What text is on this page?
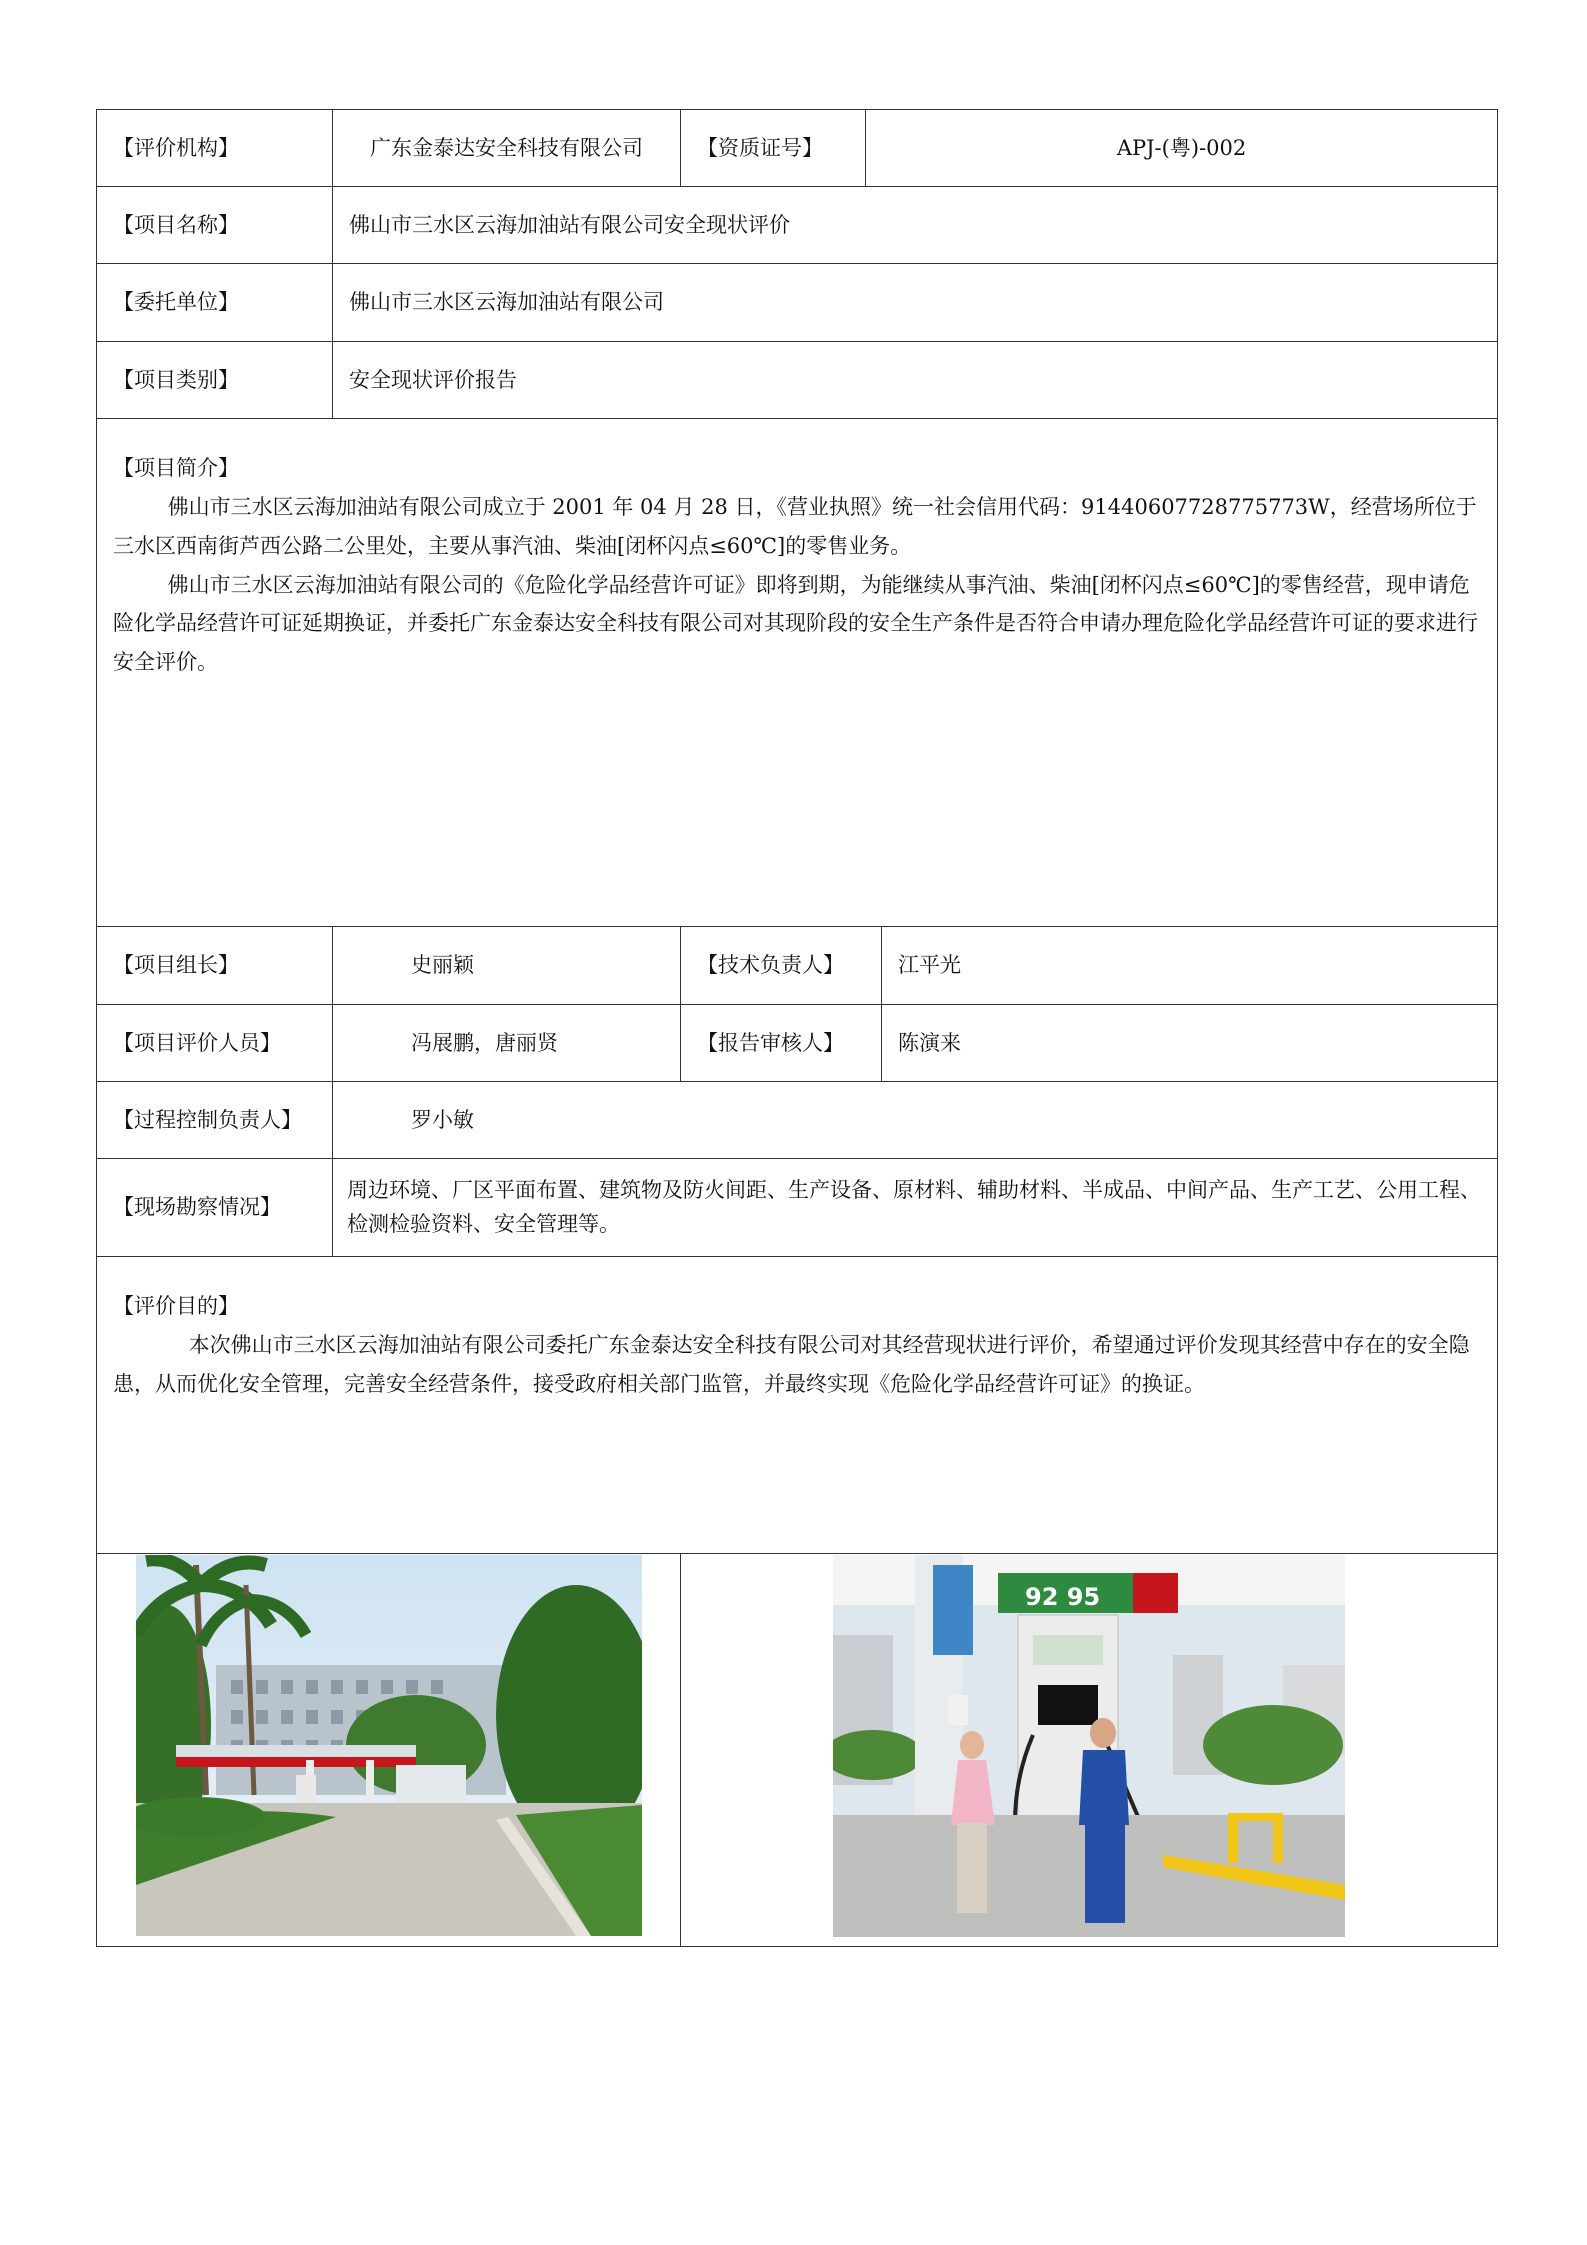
【评价机构】	广东金泰达安全科技有限公司	【资质证号】	APJ-(粤)-002	
【项目名称】	佛山市三水区云海加油站有限公司安全现状评价			
【委托单位】	佛山市三水区云海加油站有限公司			
【项目类别】	安全现状评价报告			

【项目简介】

佛山市三水区云海加油站有限公司成立于 2001 年 04 月 28 日，《营业执照》统一社会信用代码：91440607728775773W，经营场所位于三水区西南街芦西公路二公里处，主要从事汽油、柴油[闭杯闪点≤60℃]的零售业务。

佛山市三水区云海加油站有限公司的《危险化学品经营许可证》即将到期，为能继续从事汽油、柴油[闭杯闪点≤60℃]的零售经营，现申请危险化学品经营许可证延期换证，并委托广东金泰达安全科技有限公司对其现阶段的安全生产条件是否符合申请办理危险化学品经营许可证的要求进行安全评价。				

【项目组长】	史丽颖	【技术负责人】		江平光
【项目评价人员】	冯展鹏，唐丽贤	【报告审核人】		陈演来
【过程控制负责人】	罗小敏			
【现场勘察情况】	周边环境、厂区平面布置、建筑物及防火间距、生产设备、原材料、辅助材料、半成品、中间产品、生产工艺、公用工程、检测检验资料、安全管理等。			

【评价目的】

本次佛山市三水区云海加油站有限公司委托广东金泰达安全科技有限公司对其经营现状进行评价，希望通过评价发现其经营中存在的安全隐患，从而优化安全管理，完善安全经营条件，接受政府相关部门监管，并最终实现《危险化学品经营许可证》的换证。				

92 95		
